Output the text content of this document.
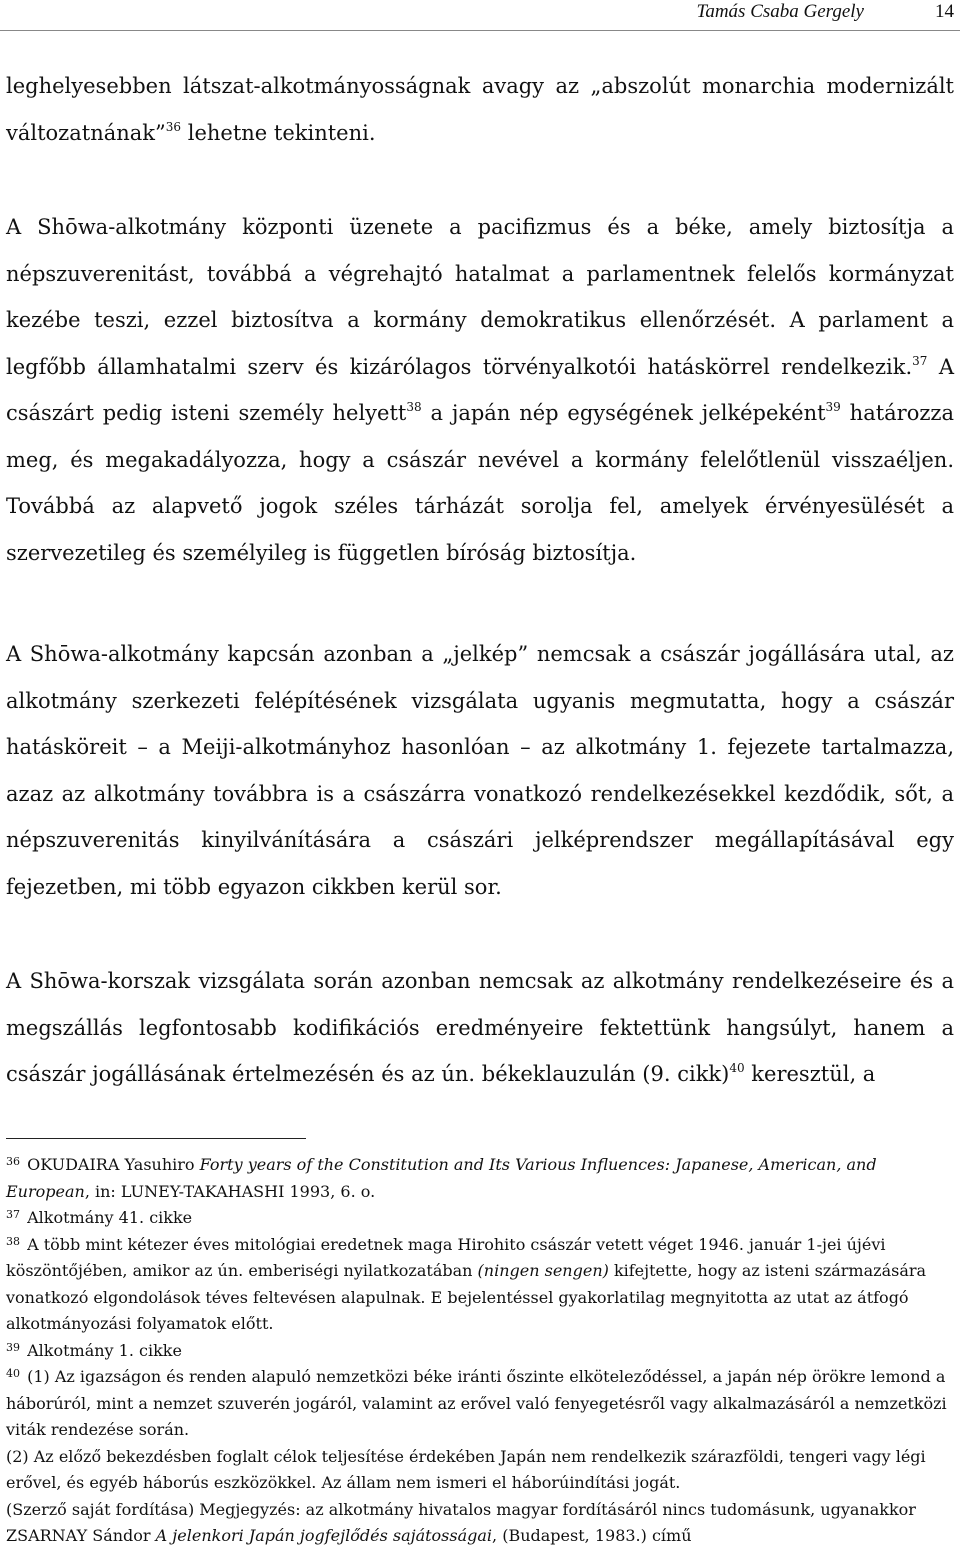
Tamás Csaba Gergely	14

leghelyesebben látszat-alkotmányosságnak avagy az „abszolút monarchia modernizált változatnának”$^{36}$ lehetne tekinteni.

A Shōwa-alkotmány központi üzenete a pacifizmus és a béke, amely biztosítja a népszuverenitást, továbbá a végrehajtó hatalmat a parlamentnek felelős kormányzat kezébe teszi, ezzel biztosítva a kormány demokratikus ellenőrzését. A parlament a legfőbb államhatalmi szerv és kizárólagos törvényalkotói hatáskörrel rendelkezik.$^{37}$ A császárt pedig isteni személy helyett$^{38}$ a japán nép egységének jelképeként$^{39}$ határozza meg, és megakadályozza, hogy a császár nevével a kormány felelőtlenül visszaéljen. Továbbá az alapvető jogok széles tárházát sorolja fel, amelyek érvényesülését a szervezetileg és személyileg is független bíróság biztosítja.

A Shōwa-alkotmány kapcsán azonban a „jelkép” nemcsak a császár jogállására utal, az alkotmány szerkezeti felépítésének vizsgálata ugyanis megmutatta, hogy a császár hatásköreit – a Meiji-alkotmányhoz hasonlóan – az alkotmány 1. fejezete tartalmazza, azaz az alkotmány továbbra is a császárra vonatkozó rendelkezésekkel kezdődik, sőt, a népszuverenitás kinyilvánítására a császári jelképrendszer megállapításával egy fejezetben, mi több egyazon cikkben kerül sor.

A Shōwa-korszak vizsgálata során azonban nemcsak az alkotmány rendelkezéseire és a megszállás legfontosabb kodifikációs eredményeire fektettünk hangsúlyt, hanem a császár jogállásának értelmezésén és az ún. békeklauzulán (9. cikk)$^{40}$ keresztül, a

$^{36}$ OKUDAIRA Yasuhiro Forty years of the Constitution and Its Various Influences: Japanese, American, and European, in: LUNEY-TAKAHASHI 1993, 6. o.

$^{37}$ Alkotmány 41. cikke

$^{38}$ A több mint kétezer éves mitológiai eredetnek maga Hirohito császár vetett véget 1946. január 1-jei újévi köszöntőjében, amikor az ún. emberiségi nyilatkozatában (ningen sengen) kifejtette, hogy az isteni származására vonatkozó elgondolások téves feltevésen alapulnak. E bejelentéssel gyakorlatilag megnyitotta az utat az átfogó alkotmányozási folyamatok előtt.

$^{39}$ Alkotmány 1. cikke

$^{40}$ (1) Az igazságon és renden alapuló nemzetközi béke iránti őszinte elköteleződéssel, a japán nép örökre lemond a háborúról, mint a nemzet szuverén jogáról, valamint az erővel való fenyegetésről vagy alkalmazásáról a nemzetközi viták rendezése során.

(2) Az előző bekezdésben foglalt célok teljesítése érdekében Japán nem rendelkezik szárazföldi, tengeri vagy légi erővel, és egyéb háborús eszközökkel. Az állam nem ismeri el háborúindítási jogát.

(Szerző saját fordítása) Megjegyzés: az alkotmány hivatalos magyar fordításáról nincs tudomásunk, ugyanakkor ZSARNAY Sándor A jelenkori Japán jogfejlődés sajátosságai, (Budapest, 1983.) című
